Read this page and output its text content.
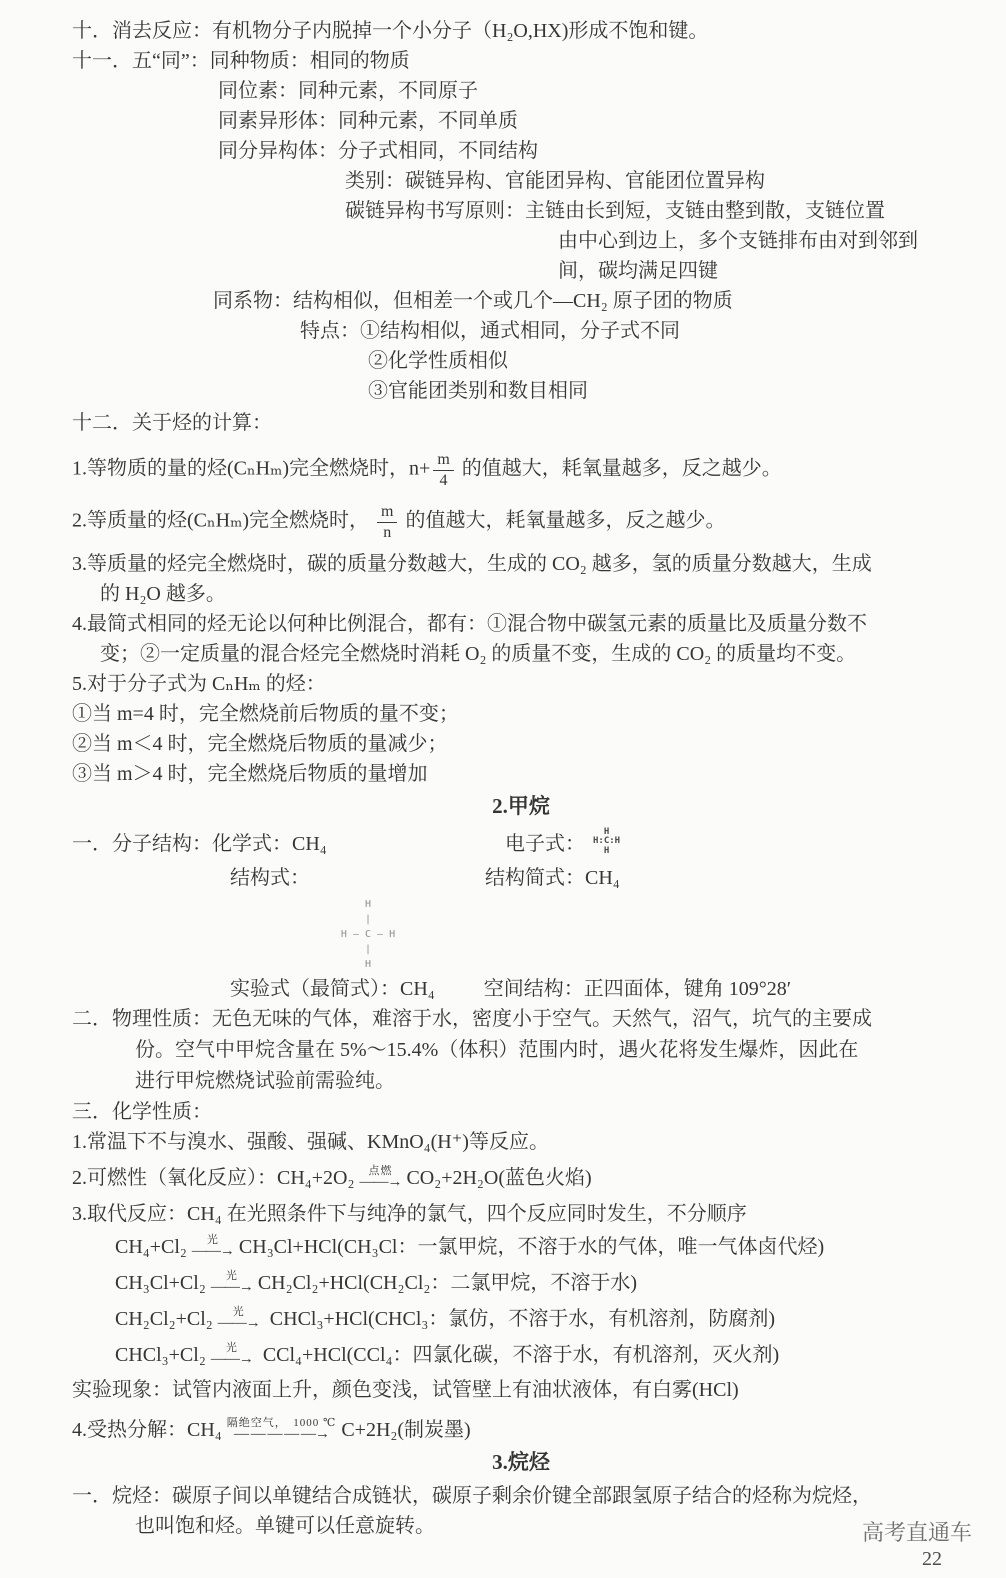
十．消去反应：有机物分子内脱掉一个小分子（H₂O,HX)形成不饱和键。
十一．五“同”：同种物质：相同的物质
同位素：同种元素，不同原子
同素异形体：同种元素，不同单质
同分异构体：分子式相同，不同结构
类别：碳链异构、官能团异构、官能团位置异构
碳链异构书写原则：主链由长到短，支链由整到散，支链位置
由中心到边上，多个支链排布由对到邻到
间，碳均满足四键
同系物：结构相似，但相差一个或几个—CH₂ 原子团的物质
特点：①结构相似，通式相同，分子式不同
②化学性质相似
③官能团类别和数目相同
十二．关于烃的计算：
1.等物质的量的烃(CₙHₘ)完全燃烧时，$n+ \frac{m}{4}$ 的值越大，耗氧量越多，反之越少。
2.等质量的烃(CₙHₘ)完全燃烧时， $\frac{m}{n}$ 的值越大，耗氧量越多，反之越少。
3.等质量的烃完全燃烧时，碳的质量分数越大，生成的 CO₂ 越多，氢的质量分数越大，生成
的 H₂O 越多。
4.最简式相同的烃无论以何种比例混合，都有：①混合物中碳氢元素的质量比及质量分数不
变；②一定质量的混合烃完全燃烧时消耗 O₂ 的质量不变，生成的 CO₂ 的质量均不变。
5.对于分子式为 CₙHₘ 的烃：
①当 m=4 时，完全燃烧前后物质的量不变；
②当 m＜4 时，完全燃烧后物质的量减少；
③当 m＞4 时，完全燃烧后物质的量增加
2.甲烷
一．分子结构：化学式：CH₄	电子式：
H
H:C:H
H
结构式：	结构简式：CH₄
H
|
H — C — H
|
H
实验式（最简式）：CH₄ 空间结构：正四面体，键角 109°28′
二．物理性质：无色无味的气体，难溶于水，密度小于空气。天然气，沼气，坑气的主要成
份。空气中甲烷含量在 5%～15.4%（体积）范围内时，遇火花将发生爆炸，因此在
进行甲烷燃烧试验前需验纯。
三．化学性质：
1.常温下不与溴水、强酸、强碱、KMnO₄(H⁺)等反应。
2.可燃性（氧化反应）：CH₄+2O₂ 点燃
——→ CO₂+2H₂O(蓝色火焰)
3.取代反应：CH₄ 在光照条件下与纯净的氯气，四个反应同时发生，不分顺序
CH₄+Cl₂ 光
——→ CH₃Cl+HCl(CH₃Cl：一氯甲烷，不溶于水的气体，唯一气体卤代烃)
CH₃Cl+Cl₂ 光
——→ CH₂Cl₂+HCl(CH₂Cl₂：二氯甲烷，不溶于水)
CH₂Cl₂+Cl₂ 光
——→ CHCl₃+HCl(CHCl₃：氯仿，不溶于水，有机溶剂，防腐剂)
CHCl₃+Cl₂ 光
——→ CCl₄+HCl(CCl₄：四氯化碳，不溶于水，有机溶剂，灭火剂)
实验现象：试管内液面上升，颜色变浅，试管壁上有油状液体，有白雾(HCl)
4.受热分解：CH₄ 隔绝空气，　1000 ℃
— — — — —→ C+2H₂(制炭墨)
3.烷烃
一．烷烃：碳原子间以单键结合成链状，碳原子剩余价键全部跟氢原子结合的烃称为烷烃，
也叫饱和烃。单键可以任意旋转。	高考直通车
22
